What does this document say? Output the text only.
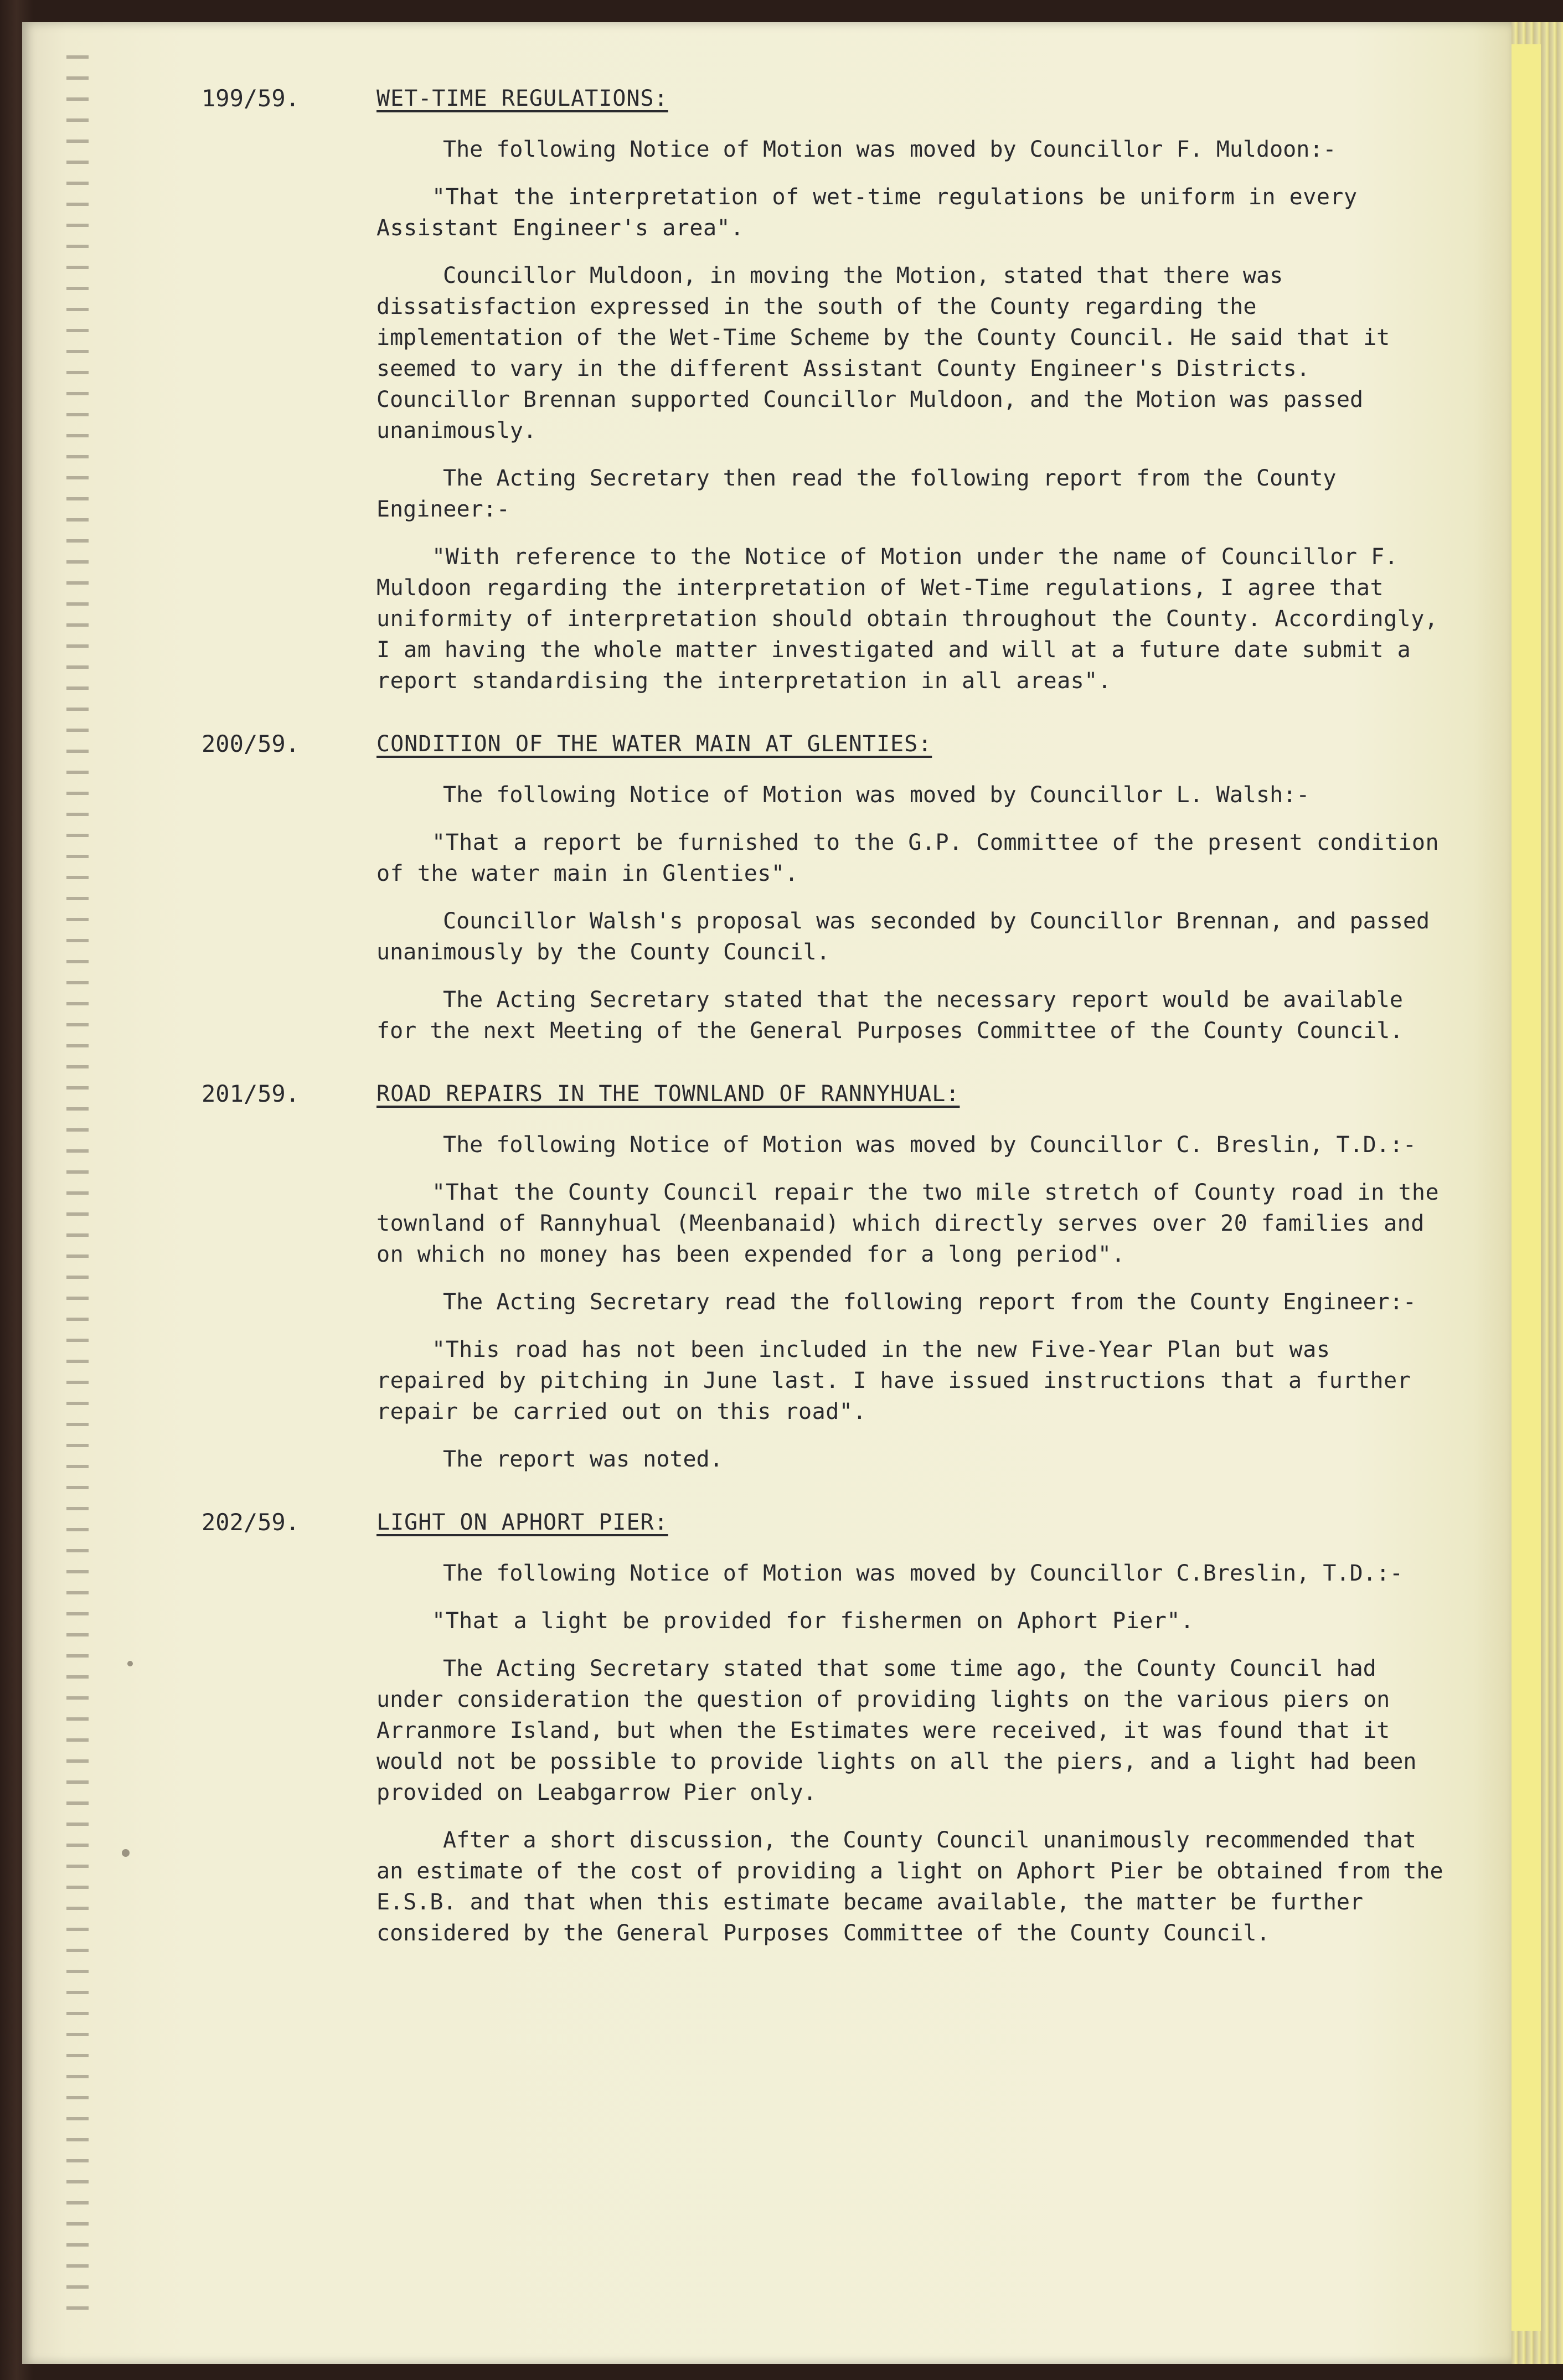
199/59.	WET-TIME REGULATIONS:
The following Notice of Motion was moved by Councillor F. Muldoon:-
"That the interpretation of wet-time regulations be uniform in every Assistant Engineer's area".
Councillor Muldoon, in moving the Motion, stated that there was dissatisfaction expressed in the south of the County regarding the implementation of the Wet-Time Scheme by the County Council. He said that it seemed to vary in the different Assistant County Engineer's Districts. Councillor Brennan supported Councillor Muldoon, and the Motion was passed unanimously.
The Acting Secretary then read the following report from the County Engineer:-
"With reference to the Notice of Motion under the name of Councillor F. Muldoon regarding the interpretation of Wet-Time regulations, I agree that uniformity of interpretation should obtain throughout the County. Accordingly, I am having the whole matter investigated and will at a future date submit a report standardising the interpretation in all areas".
200/59.	CONDITION OF THE WATER MAIN AT GLENTIES:
The following Notice of Motion was moved by Councillor L. Walsh:-
"That a report be furnished to the G.P. Committee of the present condition of the water main in Glenties".
Councillor Walsh's proposal was seconded by Councillor Brennan, and passed unanimously by the County Council.
The Acting Secretary stated that the necessary report would be available for the next Meeting of the General Purposes Committee of the County Council.
201/59.	ROAD REPAIRS IN THE TOWNLAND OF RANNYHUAL:
The following Notice of Motion was moved by Councillor C. Breslin, T.D.:-
"That the County Council repair the two mile stretch of County road in the townland of Rannyhual (Meenbanaid) which directly serves over 20 families and on which no money has been expended for a long period".
The Acting Secretary read the following report from the County Engineer:-
"This road has not been included in the new Five-Year Plan but was repaired by pitching in June last. I have issued instructions that a further repair be carried out on this road".
The report was noted.
202/59.	LIGHT ON APHORT PIER:
The following Notice of Motion was moved by Councillor C.Breslin, T.D.:-
"That a light be provided for fishermen on Aphort Pier".
The Acting Secretary stated that some time ago, the County Council had under consideration the question of providing lights on the various piers on Arranmore Island, but when the Estimates were received, it was found that it would not be possible to provide lights on all the piers, and a light had been provided on Leabgarrow Pier only.
After a short discussion, the County Council unanimously recommended that an estimate of the cost of providing a light on Aphort Pier be obtained from the E.S.B. and that when this estimate became available, the matter be further considered by the General Purposes Committee of the County Council.
